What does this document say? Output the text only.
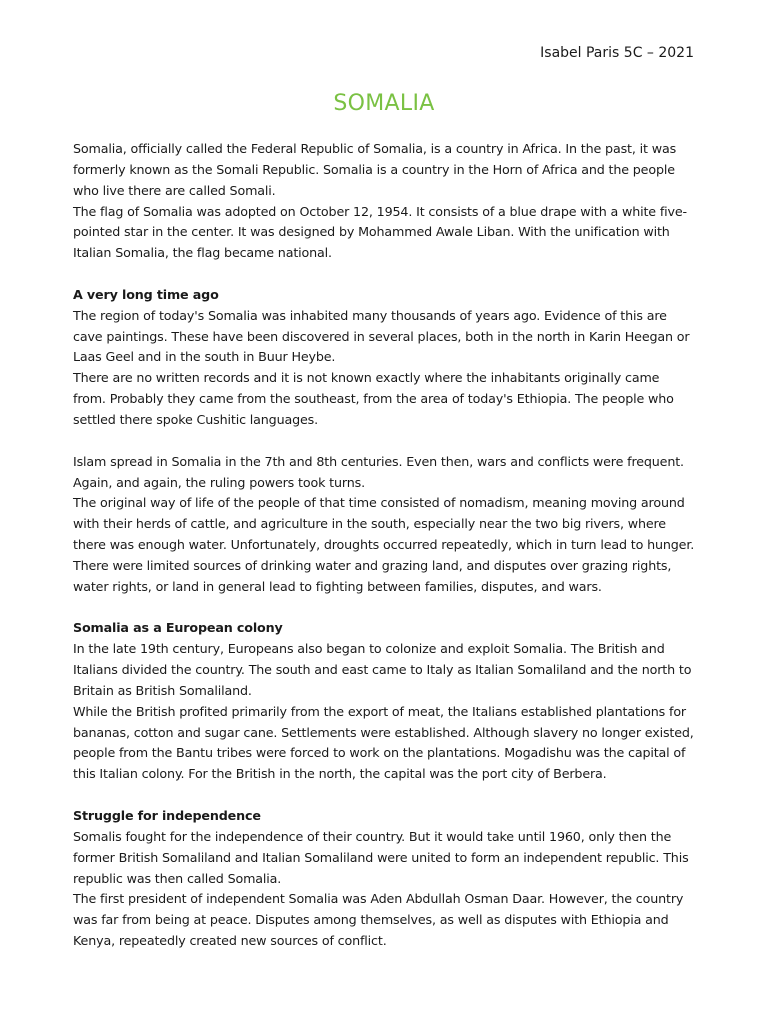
Isabel Paris 5C – 2021
SOMALIA

Somalia, officially called the Federal Republic of Somalia, is a country in Africa. In the past, it was formerly known as the Somali Republic. Somalia is a country in the Horn of Africa and the people who live there are called Somali.

The flag of Somalia was adopted on October 12, 1954. It consists of a blue drape with a white five-pointed star in the center. It was designed by Mohammed Awale Liban. With the unification with Italian Somalia, the flag became national.

A very long time ago

The region of today's Somalia was inhabited many thousands of years ago. Evidence of this are cave paintings. These have been discovered in several places, both in the north in Karin Heegan or Laas Geel and in the south in Buur Heybe.

There are no written records and it is not known exactly where the inhabitants originally came from. Probably they came from the southeast, from the area of today's Ethiopia. The people who settled there spoke Cushitic languages.

Islam spread in Somalia in the 7th and 8th centuries. Even then, wars and conflicts were frequent. Again, and again, the ruling powers took turns.

The original way of life of the people of that time consisted of nomadism, meaning moving around with their herds of cattle, and agriculture in the south, especially near the two big rivers, where there was enough water. Unfortunately, droughts occurred repeatedly, which in turn lead to hunger. There were limited sources of drinking water and grazing land, and disputes over grazing rights, water rights, or land in general lead to fighting between families, disputes, and wars.

Somalia as a European colony

In the late 19th century, Europeans also began to colonize and exploit Somalia. The British and Italians divided the country. The south and east came to Italy as Italian Somaliland and the north to Britain as British Somaliland.

While the British profited primarily from the export of meat, the Italians established plantations for bananas, cotton and sugar cane. Settlements were established. Although slavery no longer existed, people from the Bantu tribes were forced to work on the plantations. Mogadishu was the capital of this Italian colony. For the British in the north, the capital was the port city of Berbera.

Struggle for independence

Somalis fought for the independence of their country. But it would take until 1960, only then the former British Somaliland and Italian Somaliland were united to form an independent republic. This republic was then called Somalia.

The first president of independent Somalia was Aden Abdullah Osman Daar. However, the country was far from being at peace. Disputes among themselves, as well as disputes with Ethiopia and Kenya, repeatedly created new sources of conflict.
